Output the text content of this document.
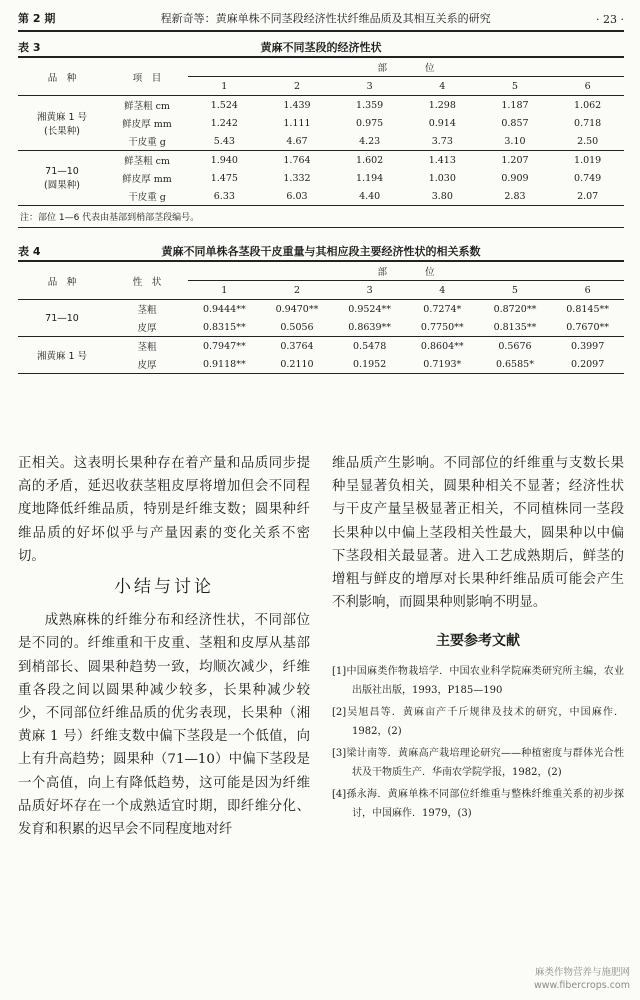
第 2 期	程新奇等：黄麻单株不同茎段经济性状纤维品质及其相互关系的研究	· 23 ·
表 3	黄麻不同茎段的经济性状
品　种	项　目	部　　　　位					
		1	2	3	4	5	6

湘黄麻 1 号
(长果种)	鲜茎粗 cm	1.524	1.439	1.359	1.298	1.187	1.062
	鲜皮厚 mm	1.242	1.111	0.975	0.914	0.857	0.718
	干皮重 g	5.43	4.67	4.23	3.73	3.10	2.50

71—10
(圆果种)	鲜茎粗 cm	1.940	1.764	1.602	1.413	1.207	1.019
	鲜皮厚 mm	1.475	1.332	1.194	1.030	0.909	0.749
	干皮重 g	6.33	6.03	4.40	3.80	2.83	2.07
注：部位 1—6 代表由基部到梢部茎段编号。
表 4	黄麻不同单株各茎段干皮重量与其相应段主要经济性状的相关系数
品　种	性　状	部　　　　位					
		1	2	3	4	5	6
71—10	茎粗	0.9444**	0.9470**	0.9524**	0.7274*	0.8720**	0.8145**
	皮厚	0.8315**	0.5056	0.8639**	0.7750**	0.8135**	0.7670**
湘黄麻 1 号	茎粗	0.7947**	0.3764	0.5478	0.8604**	0.5676	0.3997
	皮厚	0.9118**	0.2110	0.1952	0.7193*	0.6585*	0.2097

正相关。这表明长果种存在着产量和品质同步提高的矛盾，延迟收获茎粗皮厚将增加但会不同程度地降低纤维品质，特别是纤维支数；圆果种纤维品质的好坏似乎与产量因素的变化关系不密切。

小结与讨论

成熟麻株的纤维分布和经济性状，不同部位是不同的。纤维重和干皮重、茎粗和皮厚从基部到梢部长、圆果种趋势一致，均顺次减少，纤维重各段之间以圆果种减少较多，长果种减少较少，不同部位纤维品质的优劣表现，长果种（湘黄麻 1 号）纤维支数中偏下茎段是一个低值，向上有升高趋势；圆果种（71—10）中偏下茎段是一个高值，向上有降低趋势，这可能是因为纤维品质好坏存在一个成熟适宜时期，即纤维分化、发育和积累的迟早会不同程度地对纤

维品质产生影响。不同部位的纤维重与支数长果种呈显著负相关，圆果种相关不显著；经济性状与干皮产量呈极显著正相关，不同植株同一茎段长果种以中偏上茎段相关性最大，圆果种以中偏下茎段相关最显著。进入工艺成熟期后，鲜茎的增粗与鲜皮的增厚对长果种纤维品质可能会产生不利影响，而圆果种则影响不明显。

主要参考文献
[1]中国麻类作物栽培学．中国农业科学院麻类研究所主编，农业出版社出版，1993，P185—190
[2]吴旭昌等．黄麻亩产千斤规律及技术的研究，中国麻作．1982，(2)
[3]梁计南等．黄麻高产栽培理论研究——种植密度与群体光合性状及干物质生产．华南农学院学报，1982，(2)
[4]孫永海．黄麻单株不同部位纤维重与整株纤维重关系的初步探讨，中国麻作．1979，(3)
麻类作物营养与施肥网
www.fibercrops.com
